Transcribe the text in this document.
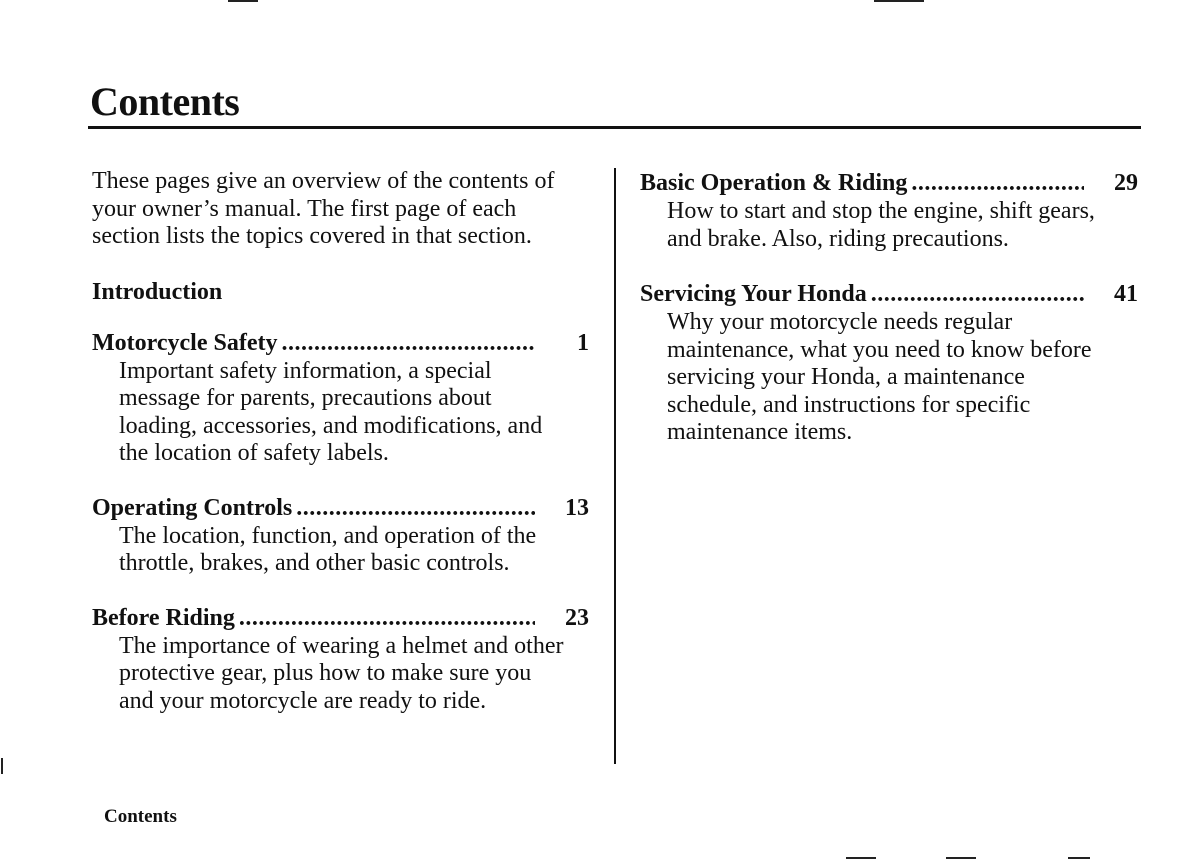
Contents

These pages give an overview of the contents of your owner’s manual. The first page of each section lists the topics covered in that section.

Introduction
Motorcycle Safety .....	1

Important safety information, a special message for parents, precautions about loading, accessories, and modifications, and the location of safety labels.

Operating Controls .....	13

The location, function, and operation of the throttle, brakes, and other basic controls.

Before Riding .....	23

The importance of wearing a helmet and other protective gear, plus how to make sure you and your motorcycle are ready to ride.

Basic Operation & Riding .....	29

How to start and stop the engine, shift gears, and brake. Also, riding precautions.

Servicing Your Honda .....	41

Why your motorcycle needs regular maintenance, what you need to know before servicing your Honda, a maintenance schedule, and instructions for specific maintenance items.

Contents
